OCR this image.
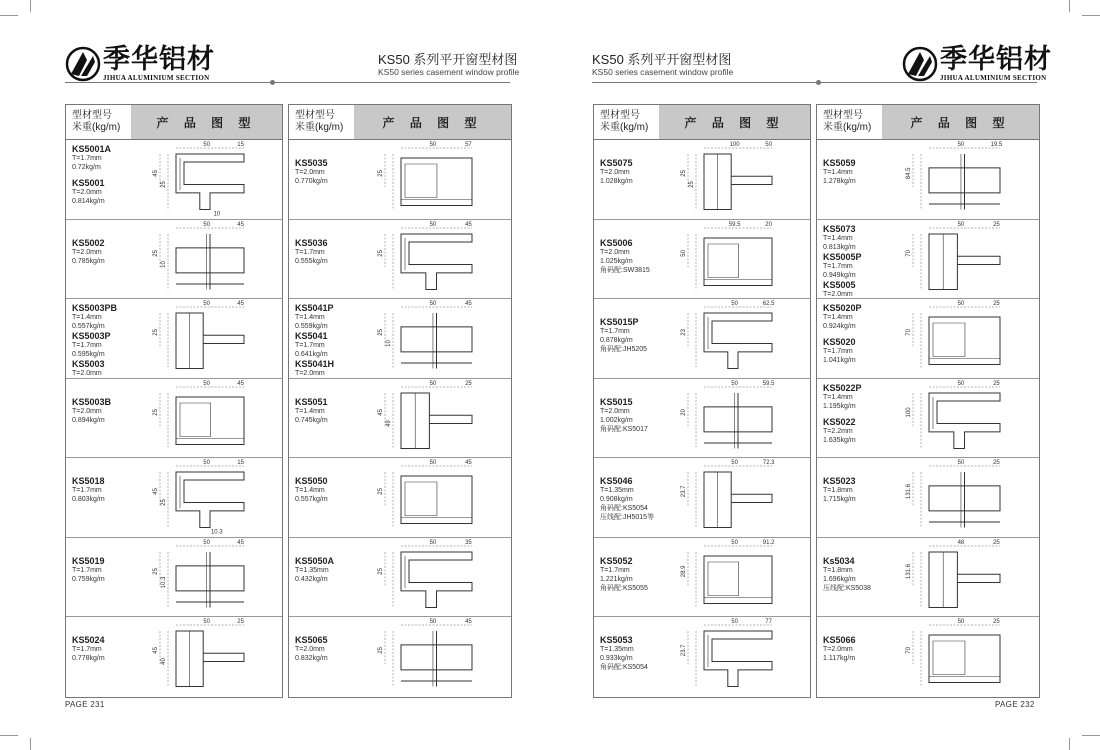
季华铝材
JIHUA ALUMINIUM SECTION
KS50 系列平开窗型材图
KS50 series casement window profile
型材型号
米重(kg/m)	产 品 图 型
KS5001A
T=1.7mm
0.72kg/m
KS5001
T=2.0mm
0.814kg/m
50	15
45
25
10
KS5002
T=2.0mm
0.785kg/m
50	45
25
10
KS5003PB
T=1.4mm
0.557kg/m
KS5003P
T=1.7mm
0.595kg/m
KS5003
T=2.0mm
50	45
25
KS5003B
T=2.0mm
0.894kg/m
50	45
25
KS5018
T=1.7mm
0.803kg/m
50	15
45
25
10.3
KS5019
T=1.7mm
0.759kg/m
50	45
25
10.3
KS5024
T=1.7mm
0.778kg/m
50	25
45
40
型材型号
米重(kg/m)	产 品 图 型
KS5035
T=2.0mm
0.770kg/m
50	57
25
KS5036
T=1.7mm
0.555kg/m
50	45
25
KS5041P
T=1.4mm
0.559kg/m
KS5041
T=1.7mm
0.641kg/m
KS5041H
T=2.0mm
50	45
25
10
KS5051
T=1.4mm
0.745kg/m
50	25
45
49
KS5050
T=1.4mm
0.557kg/m
50	45
25
KS5050A
T=1.35mm
0.432kg/m
50	35
25
KS5065
T=2.0mm
0.832kg/m
50	45
25
PAGE 231
KS50 系列平开窗型材图
KS50 series casement window profile	季华铝材
JIHUA ALUMINIUM SECTION
型材型号
米重(kg/m)	产 品 图 型
KS5075
T=2.0mm
1.028kg/m
100	50
25
25
KS5006
T=2.0mm
1.025kg/m
角码配:SW3815
59.5	20
50
KS5015P
T=1.7mm
0.878kg/m
角码配:JH5205
50	62.5
23
KS5015
T=2.0mm
1.002kg/m
角码配:KS5017
50	59.5
20
KS5046
T=1.35mm
0.908kg/m
角码配:KS5054
压线配:JH5015等
50	72.3
23.7
KS5052
T=1.7mm
1.221kg/m
角码配:KS5055
50	91.2
28.9
KS5053
T=1.35mm
0.933kg/m
角码配:KS5054
50	77
23.7
型材型号
米重(kg/m)	产 品 图 型
KS5059
T=1.4mm
1.278kg/m
50	19.5
84.5
KS5073
T=1.4mm
0.813kg/m
KS5005P
T=1.7mm
0.949kg/m
KS5005
T=2.0mm
50	25
70
KS5020P
T=1.4mm
0.924kg/m
KS5020
T=1.7mm
1.041kg/m
50	25
70
KS5022P
T=1.4mm
1.195kg/m
KS5022
T=2.2mm
1.635kg/m
50	25
100
KS5023
T=1.8mm
1.715kg/m
50	25
131.6
Ks5034
T=1.8mm
1.696kg/m
压线配:KS5038
48	25
131.6
KS5066
T=2.0mm
1.117kg/m
50	25
70
PAGE 232
